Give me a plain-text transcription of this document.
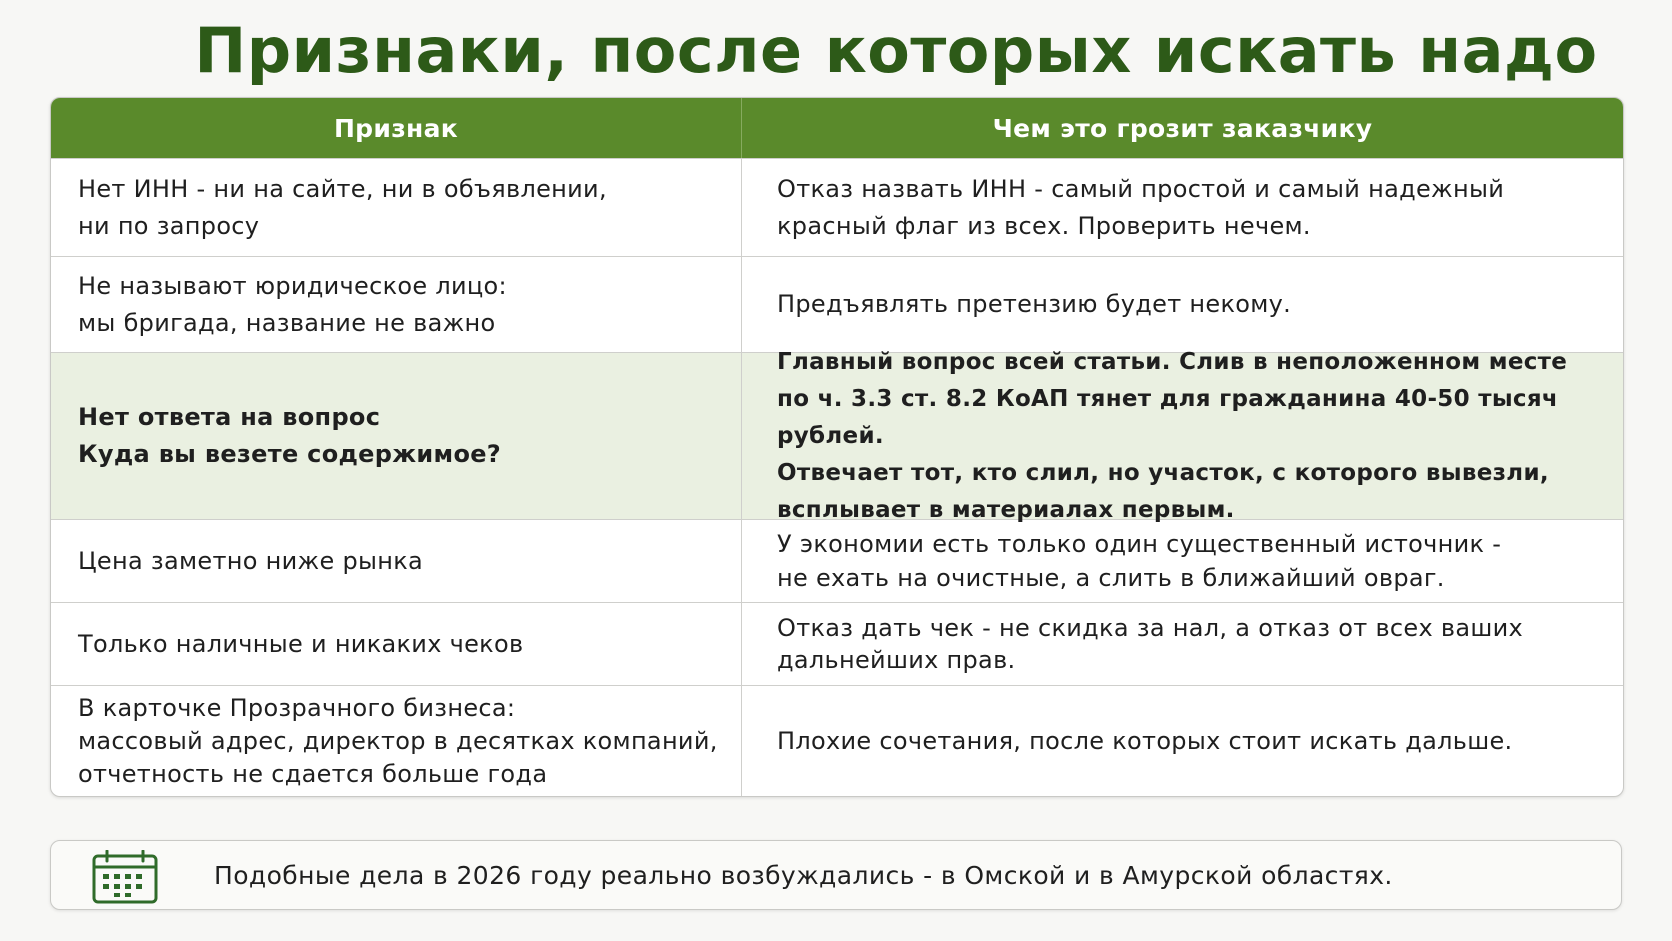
Признаки, после которых искать надо
Признак	Чем это грозит заказчику
Нет ИНН - ни на сайте, ни в объявлении,
ни по запросу
Отказ назвать ИНН - самый простой и самый надежный
красный флаг из всех. Проверить нечем.
Не называют юридическое лицо:
мы бригада, название не важно
Предъявлять претензию будет некому.
Нет ответа на вопрос
Куда вы везете содержимое?
Главный вопрос всей статьи. Слив в неположенном месте
по ч. 3.3 ст. 8.2 КоАП тянет для гражданина 40-50 тысяч рублей.
Отвечает тот, кто слил, но участок, с которого вывезли,
всплывает в материалах первым.
Цена заметно ниже рынка
У экономии есть только один существенный источник -
не ехать на очистные, а слить в ближайший овраг.
Только наличные и никаких чеков
Отказ дать чек - не скидка за нал, а отказ от всех ваших
дальнейших прав.
В карточке Прозрачного бизнеса:
массовый адрес, директор в десятках компаний,
отчетность не сдается больше года
Плохие сочетания, после которых стоит искать дальше.
Подобные дела в 2026 году реально возбуждались - в Омской и в Амурской областях.
